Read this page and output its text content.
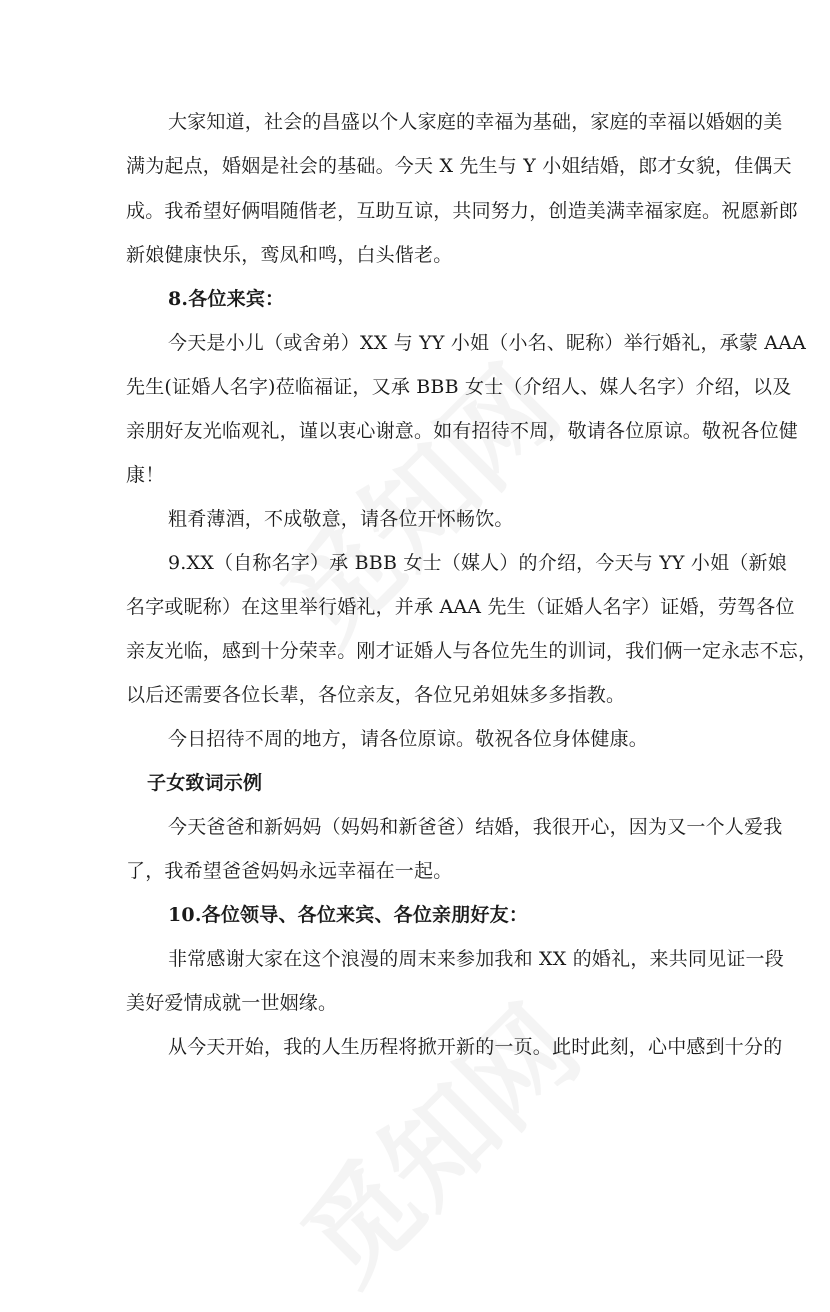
大家知道，社会的昌盛以个人家庭的幸福为基础，家庭的幸福以婚姻的美
满为起点，婚姻是社会的基础。今天 X 先生与 Y 小姐结婚，郎才女貌，佳偶天
成。我希望好俩唱随偕老，互助互谅，共同努力，创造美满幸福家庭。祝愿新郎
新娘健康快乐，鸾凤和鸣，白头偕老。
8.各位来宾：
今天是小儿（或舍弟）XX 与 YY 小姐（小名、昵称）举行婚礼，承蒙 AAA
先生(证婚人名字)莅临福证，又承 BBB 女士（介绍人、媒人名字）介绍，以及
亲朋好友光临观礼，谨以衷心谢意。如有招待不周，敬请各位原谅。敬祝各位健
康！
粗肴薄酒，不成敬意，请各位开怀畅饮。
9.XX（自称名字）承 BBB 女士（媒人）的介绍，今天与 YY 小姐（新娘
名字或昵称）在这里举行婚礼，并承 AAA 先生（证婚人名字）证婚，劳驾各位
亲友光临，感到十分荣幸。刚才证婚人与各位先生的训词，我们俩一定永志不忘，
以后还需要各位长辈，各位亲友，各位兄弟姐妹多多指教。
今日招待不周的地方，请各位原谅。敬祝各位身体健康。
子女致词示例
今天爸爸和新妈妈（妈妈和新爸爸）结婚，我很开心，因为又一个人爱我
了，我希望爸爸妈妈永远幸福在一起。
10.各位领导、各位来宾、各位亲朋好友：
非常感谢大家在这个浪漫的周末来参加我和 XX 的婚礼，来共同见证一段
美好爱情成就一世姻缘。
从今天开始，我的人生历程将掀开新的一页。此时此刻，心中感到十分的
